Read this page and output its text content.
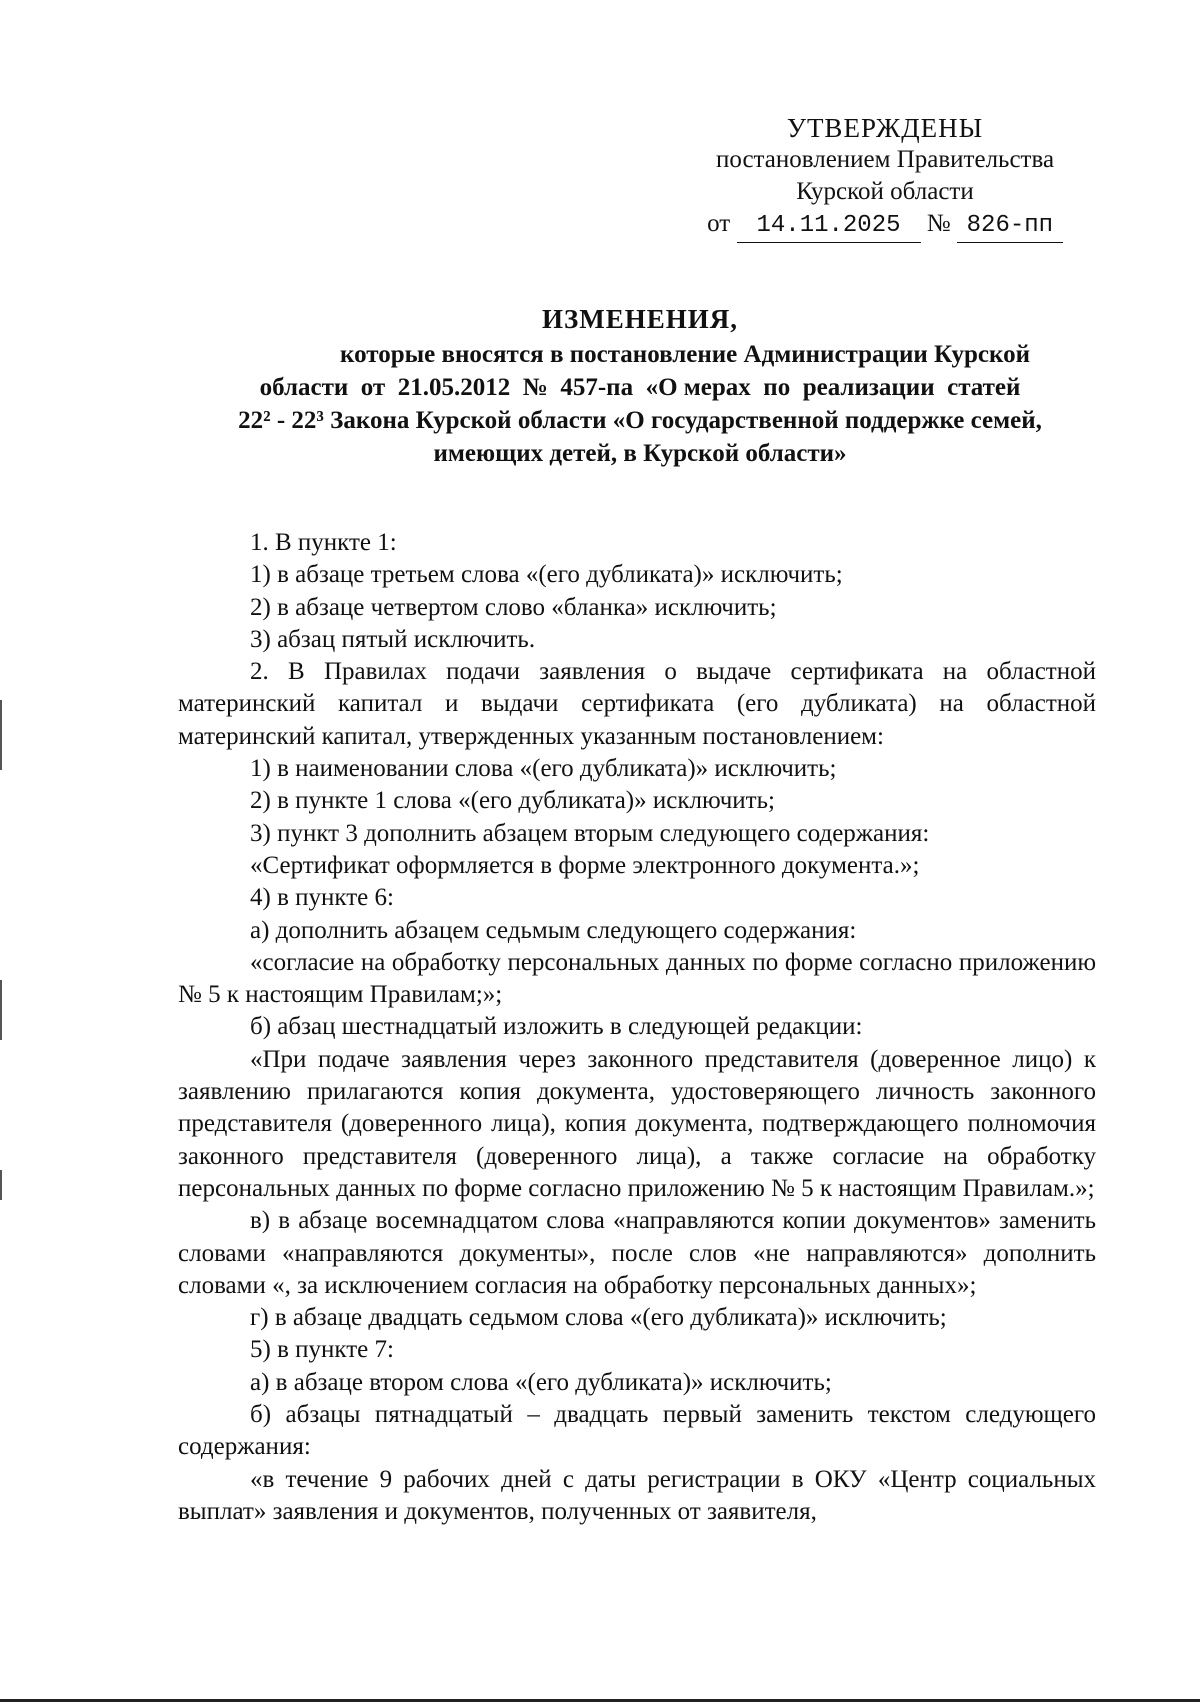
УТВЕРЖДЕНЫ
постановлением Правительства
Курской области
от 14.11.2025 № 826-пп
ИЗМЕНЕНИЯ,
которые вносятся в постановление Администрации Курской
области  от  21.05.2012  №  457-па  «О мерах  по  реализации  статей
22² - 22³ Закона Курской области «О государственной поддержке семей,
имеющих детей, в Курской области»

1. В пункте 1:

1) в абзаце третьем слова «(его дубликата)» исключить;

2) в абзаце четвертом слово «бланка» исключить;

3) абзац пятый исключить.

2. В Правилах подачи заявления о выдаче сертификата на областной материнский капитал и выдачи сертификата (его дубликата) на областной материнский капитал, утвержденных указанным постановлением:

1) в наименовании слова «(его дубликата)» исключить;

2) в пункте 1 слова «(его дубликата)» исключить;

3) пункт 3 дополнить абзацем вторым следующего содержания:

«Сертификат оформляется в форме электронного документа.»;

4) в пункте 6:

а) дополнить абзацем седьмым следующего содержания:

«согласие на обработку персональных данных по форме согласно приложению № 5 к настоящим Правилам;»;

б) абзац шестнадцатый изложить в следующей редакции:

«При подаче заявления через законного представителя (доверенное лицо) к заявлению прилагаются копия документа, удостоверяющего личность законного представителя (доверенного лица), копия документа, подтверждающего полномочия законного представителя (доверенного лица), а также согласие на обработку персональных данных по форме согласно приложению № 5 к настоящим Правилам.»;

в) в абзаце восемнадцатом слова «направляются копии документов» заменить словами «направляются документы», после слов «не направляются» дополнить словами «, за исключением согласия на обработку персональных данных»;

г) в абзаце двадцать седьмом слова «(его дубликата)» исключить;

5) в пункте 7:

а) в абзаце втором слова «(его дубликата)» исключить;

б) абзацы пятнадцатый – двадцать первый заменить текстом следующего содержания:

«в течение 9 рабочих дней с даты регистрации в ОКУ «Центр социальных выплат» заявления и документов, полученных от заявителя,
